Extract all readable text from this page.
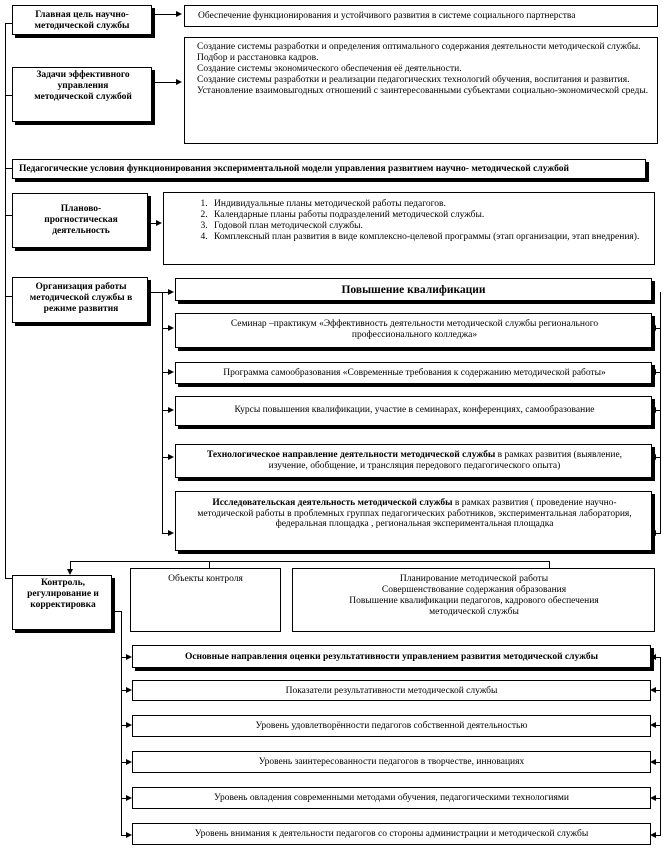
Главная цель научно-методической службы
Обеспечение функционирования и устойчивого развития в системе социального партнерства
Задачи эффективного управления методической службой

Создание системы разработки и определения оптимального содержания деятельности методической службы.

Подбор и расстановка кадров.

Создание системы экономического обеспечения её деятельности.

Создание системы разработки и реализации педагогических технологий обучения, воспитания и развития.

Установление взаимовыгодных отношений с заинтересованными субъектами социально-экономической среды.

Педагогические условия функционирования экспериментальной модели управления развитием научно- методической службой
Планово-прогностическая деятельность
1. Индивидуальные планы методической работы педагогов.
2. Календарные планы работы подразделений методической службы.
3. Годовой план методической службы.
4. Комплексный план развития в виде комплексно-целевой программы (этап организации, этап внедрения).
Организация работы методической службы в режиме развития
Повышение квалификации
Семинар –практикум «Эффективность деятельности методической службы регионального профессионального колледжа»
Программа самообразования «Современные требования к содержанию методической работы»
Курсы повышения квалификации, участие в семинарах, конференциях, самообразование
Технологическое направление деятельности методической службы в рамках развития (выявление, изучение, обобщение, и трансляция передового педагогического опыта)
Исследовательская деятельность методической службы в рамках развития ( проведение научно-методической работы в проблемных группах педагогических работников, экспериментальная лаборатория, федеральная площадка , региональная экспериментальная площадка
Контроль, регулирование и корректировка
Объекты контроля	Планирование методической работы

Совершенствование содержания образования

Повышение квалификации педагогов, кадрового обеспечения методической службы

Основные направления оценки результативности управлением развития методической службы
Показатели результативности методической службы
Уровень удовлетворённости педагогов собственной деятельностью
Уровень заинтересованности педагогов в творчестве, инновациях
Уровень овладения современными методами обучения, педагогическими технологиями
Уровень внимания к деятельности педагогов со стороны администрации и методической службы
